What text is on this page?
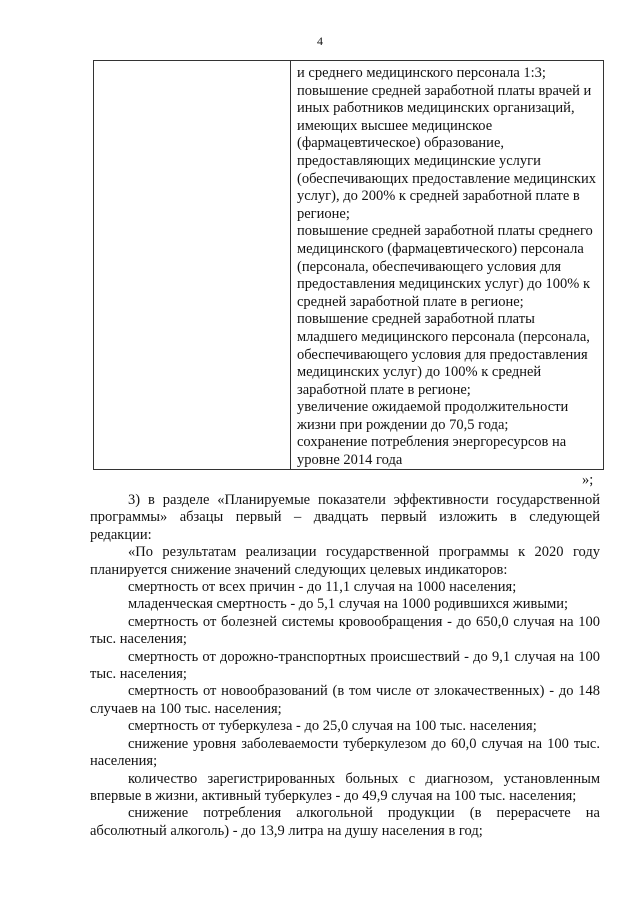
4
и среднего медицинского персонала 1:3;
повышение средней заработной платы врачей и
иных работников медицинских организаций,
имеющих высшее медицинское
(фармацевтическое) образование,
предоставляющих медицинские услуги
(обеспечивающих предоставление медицинских
услуг), до 200% к средней заработной плате в
регионе;
повышение средней заработной платы среднего
медицинского (фармацевтического) персонала
(персонала, обеспечивающего условия для
предоставления медицинских услуг) до 100% к
средней заработной плате в регионе;
повышение средней заработной платы
младшего медицинского персонала (персонала,
обеспечивающего условия для предоставления
медицинских услуг) до 100% к средней
заработной плате в регионе;
увеличение ожидаемой продолжительности
жизни при рождении до 70,5 года;
сохранение потребления энергоресурсов на
уровне 2014 года
»;

3) в разделе «Планируемые показатели эффективности государственной программы» абзацы первый – двадцать первый изложить в следующей редакции:

«По результатам реализации государственной программы к 2020 году планируется снижение значений следующих целевых индикаторов:

смертность от всех причин - до 11,1 случая на 1000 населения;

младенческая смертность - до 5,1 случая на 1000 родившихся живыми;

смертность от болезней системы кровообращения - до 650,0 случая на 100 тыс. населения;

смертность от дорожно-транспортных происшествий - до 9,1 случая на 100 тыс. населения;

смертность от новообразований (в том числе от злокачественных) - до 148 случаев на 100 тыс. населения;

смертность от туберкулеза - до 25,0 случая на 100 тыс. населения;

снижение уровня заболеваемости туберкулезом до 60,0 случая на 100 тыс. населения;

количество зарегистрированных больных с диагнозом, установленным впервые в жизни, активный туберкулез - до 49,9 случая на 100 тыс. населения;

снижение потребления алкогольной продукции (в перерасчете на абсолютный алкоголь) - до 13,9 литра на душу населения в год;
